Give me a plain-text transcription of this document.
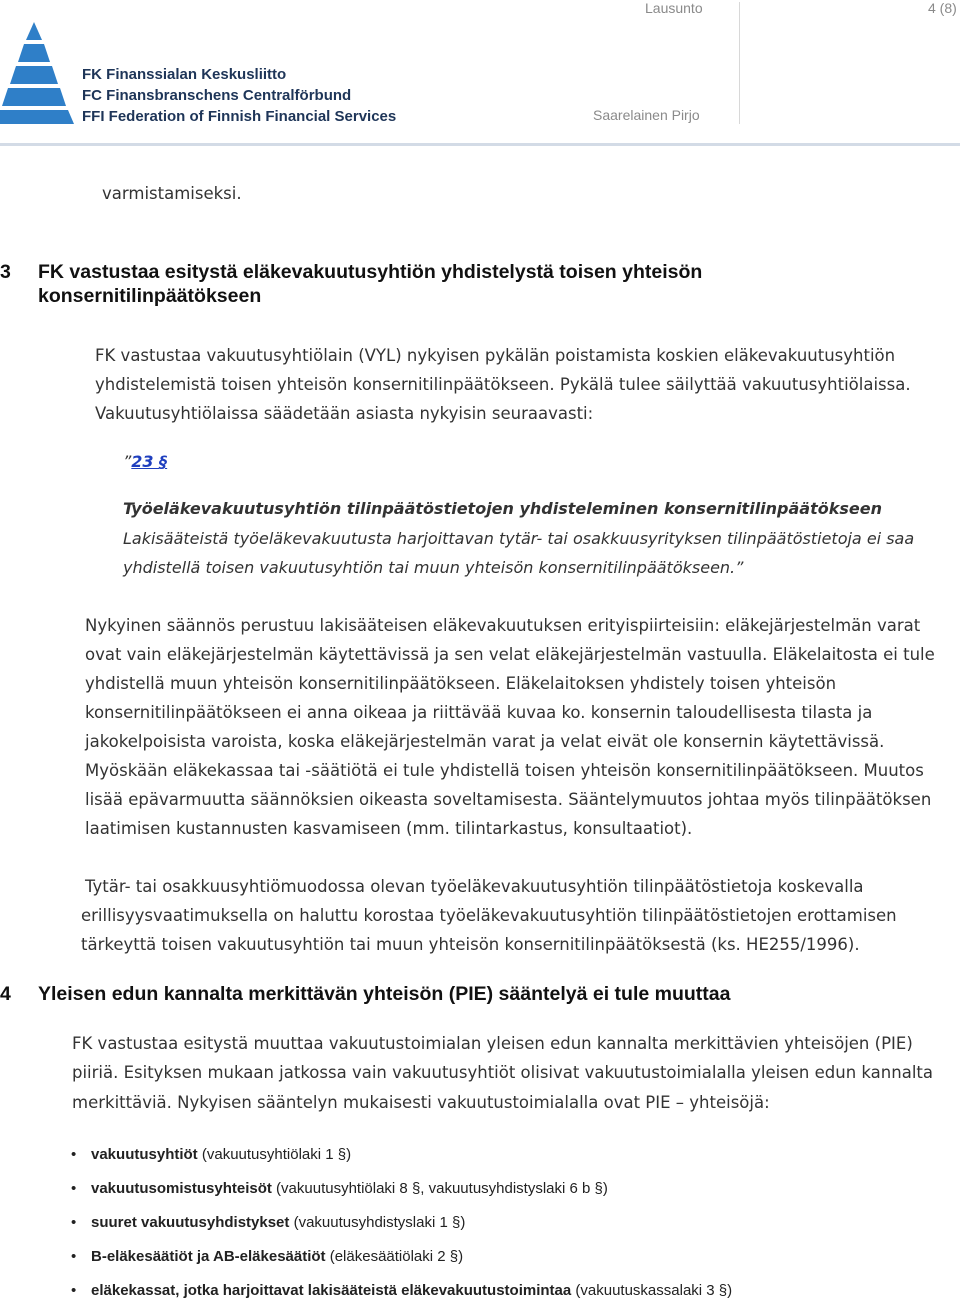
Lausunto	4 (8)
Saarelainen Pirjo
FK Finanssialan Keskusliitto
FC Finansbranschens Centralförbund
FFI Federation of Finnish Financial Services
varmistamiseksi.
3 FK vastustaa esitystä eläkevakuutusyhtiön yhdistelystä toisen yhteisön
konsernitilinpäätökseen
FK vastustaa vakuutusyhtiölain (VYL) nykyisen pykälän poistamista koskien eläkevakuutusyhtiön
yhdistelemistä toisen yhteisön konsernitilinpäätökseen. Pykälä tulee säilyttää vakuutusyhtiölaissa.
Vakuutusyhtiölaissa säädetään asiasta nykyisin seuraavasti:
”23 §
Työeläkevakuutusyhtiön tilinpäätöstietojen yhdisteleminen konsernitilinpäätökseen
Lakisääteistä työeläkevakuutusta harjoittavan tytär- tai osakkuusyrityksen tilinpäätöstietoja ei saa
yhdistellä toisen vakuutusyhtiön tai muun yhteisön konsernitilinpäätökseen.”
Nykyinen säännös perustuu lakisääteisen eläkevakuutuksen erityispiirteisiin: eläkejärjestelmän varat
ovat vain eläkejärjestelmän käytettävissä ja sen velat eläkejärjestelmän vastuulla. Eläkelaitosta ei tule
yhdistellä muun yhteisön konsernitilinpäätökseen. Eläkelaitoksen yhdistely toisen yhteisön
konsernitilinpäätökseen ei anna oikeaa ja riittävää kuvaa ko. konsernin taloudellisesta tilasta ja
jakokelpoisista varoista, koska eläkejärjestelmän varat ja velat eivät ole konsernin käytettävissä.
Myöskään eläkekassaa tai -säätiötä ei tule yhdistellä toisen yhteisön konsernitilinpäätökseen. Muutos
lisää epävarmuutta säännöksien oikeasta soveltamisesta. Sääntelymuutos johtaa myös tilinpäätöksen
laatimisen kustannusten kasvamiseen (mm. tilintarkastus, konsultaatiot).
Tytär- tai osakkuusyhtiömuodossa olevan työeläkevakuutusyhtiön tilinpäätöstietoja koskevalla
erillisyysvaatimuksella on haluttu korostaa työeläkevakuutusyhtiön tilinpäätöstietojen erottamisen
tärkeyttä toisen vakuutusyhtiön tai muun yhteisön konsernitilinpäätöksestä (ks. HE255/1996).
4 Yleisen edun kannalta merkittävän yhteisön (PIE) sääntelyä ei tule muuttaa
FK vastustaa esitystä muuttaa vakuutustoimialan yleisen edun kannalta merkittävien yhteisöjen (PIE)
piiriä. Esityksen mukaan jatkossa vain vakuutusyhtiöt olisivat vakuutustoimialalla yleisen edun kannalta
merkittäviä. Nykyisen sääntelyn mukaisesti vakuutustoimialalla ovat PIE – yhteisöjä:
• vakuutusyhtiöt (vakuutusyhtiölaki 1 §)
• vakuutusomistusyhteisöt (vakuutusyhtiölaki 8 §, vakuutusyhdistyslaki 6 b §)
• suuret vakuutusyhdistykset (vakuutusyhdistyslaki 1 §)
• B-eläkesäätiöt ja AB-eläkesäätiöt (eläkesäätiölaki 2 §)
• eläkekassat, jotka harjoittavat lakisääteistä eläkevakuutustoimintaa (vakuutuskassalaki 3 §)
